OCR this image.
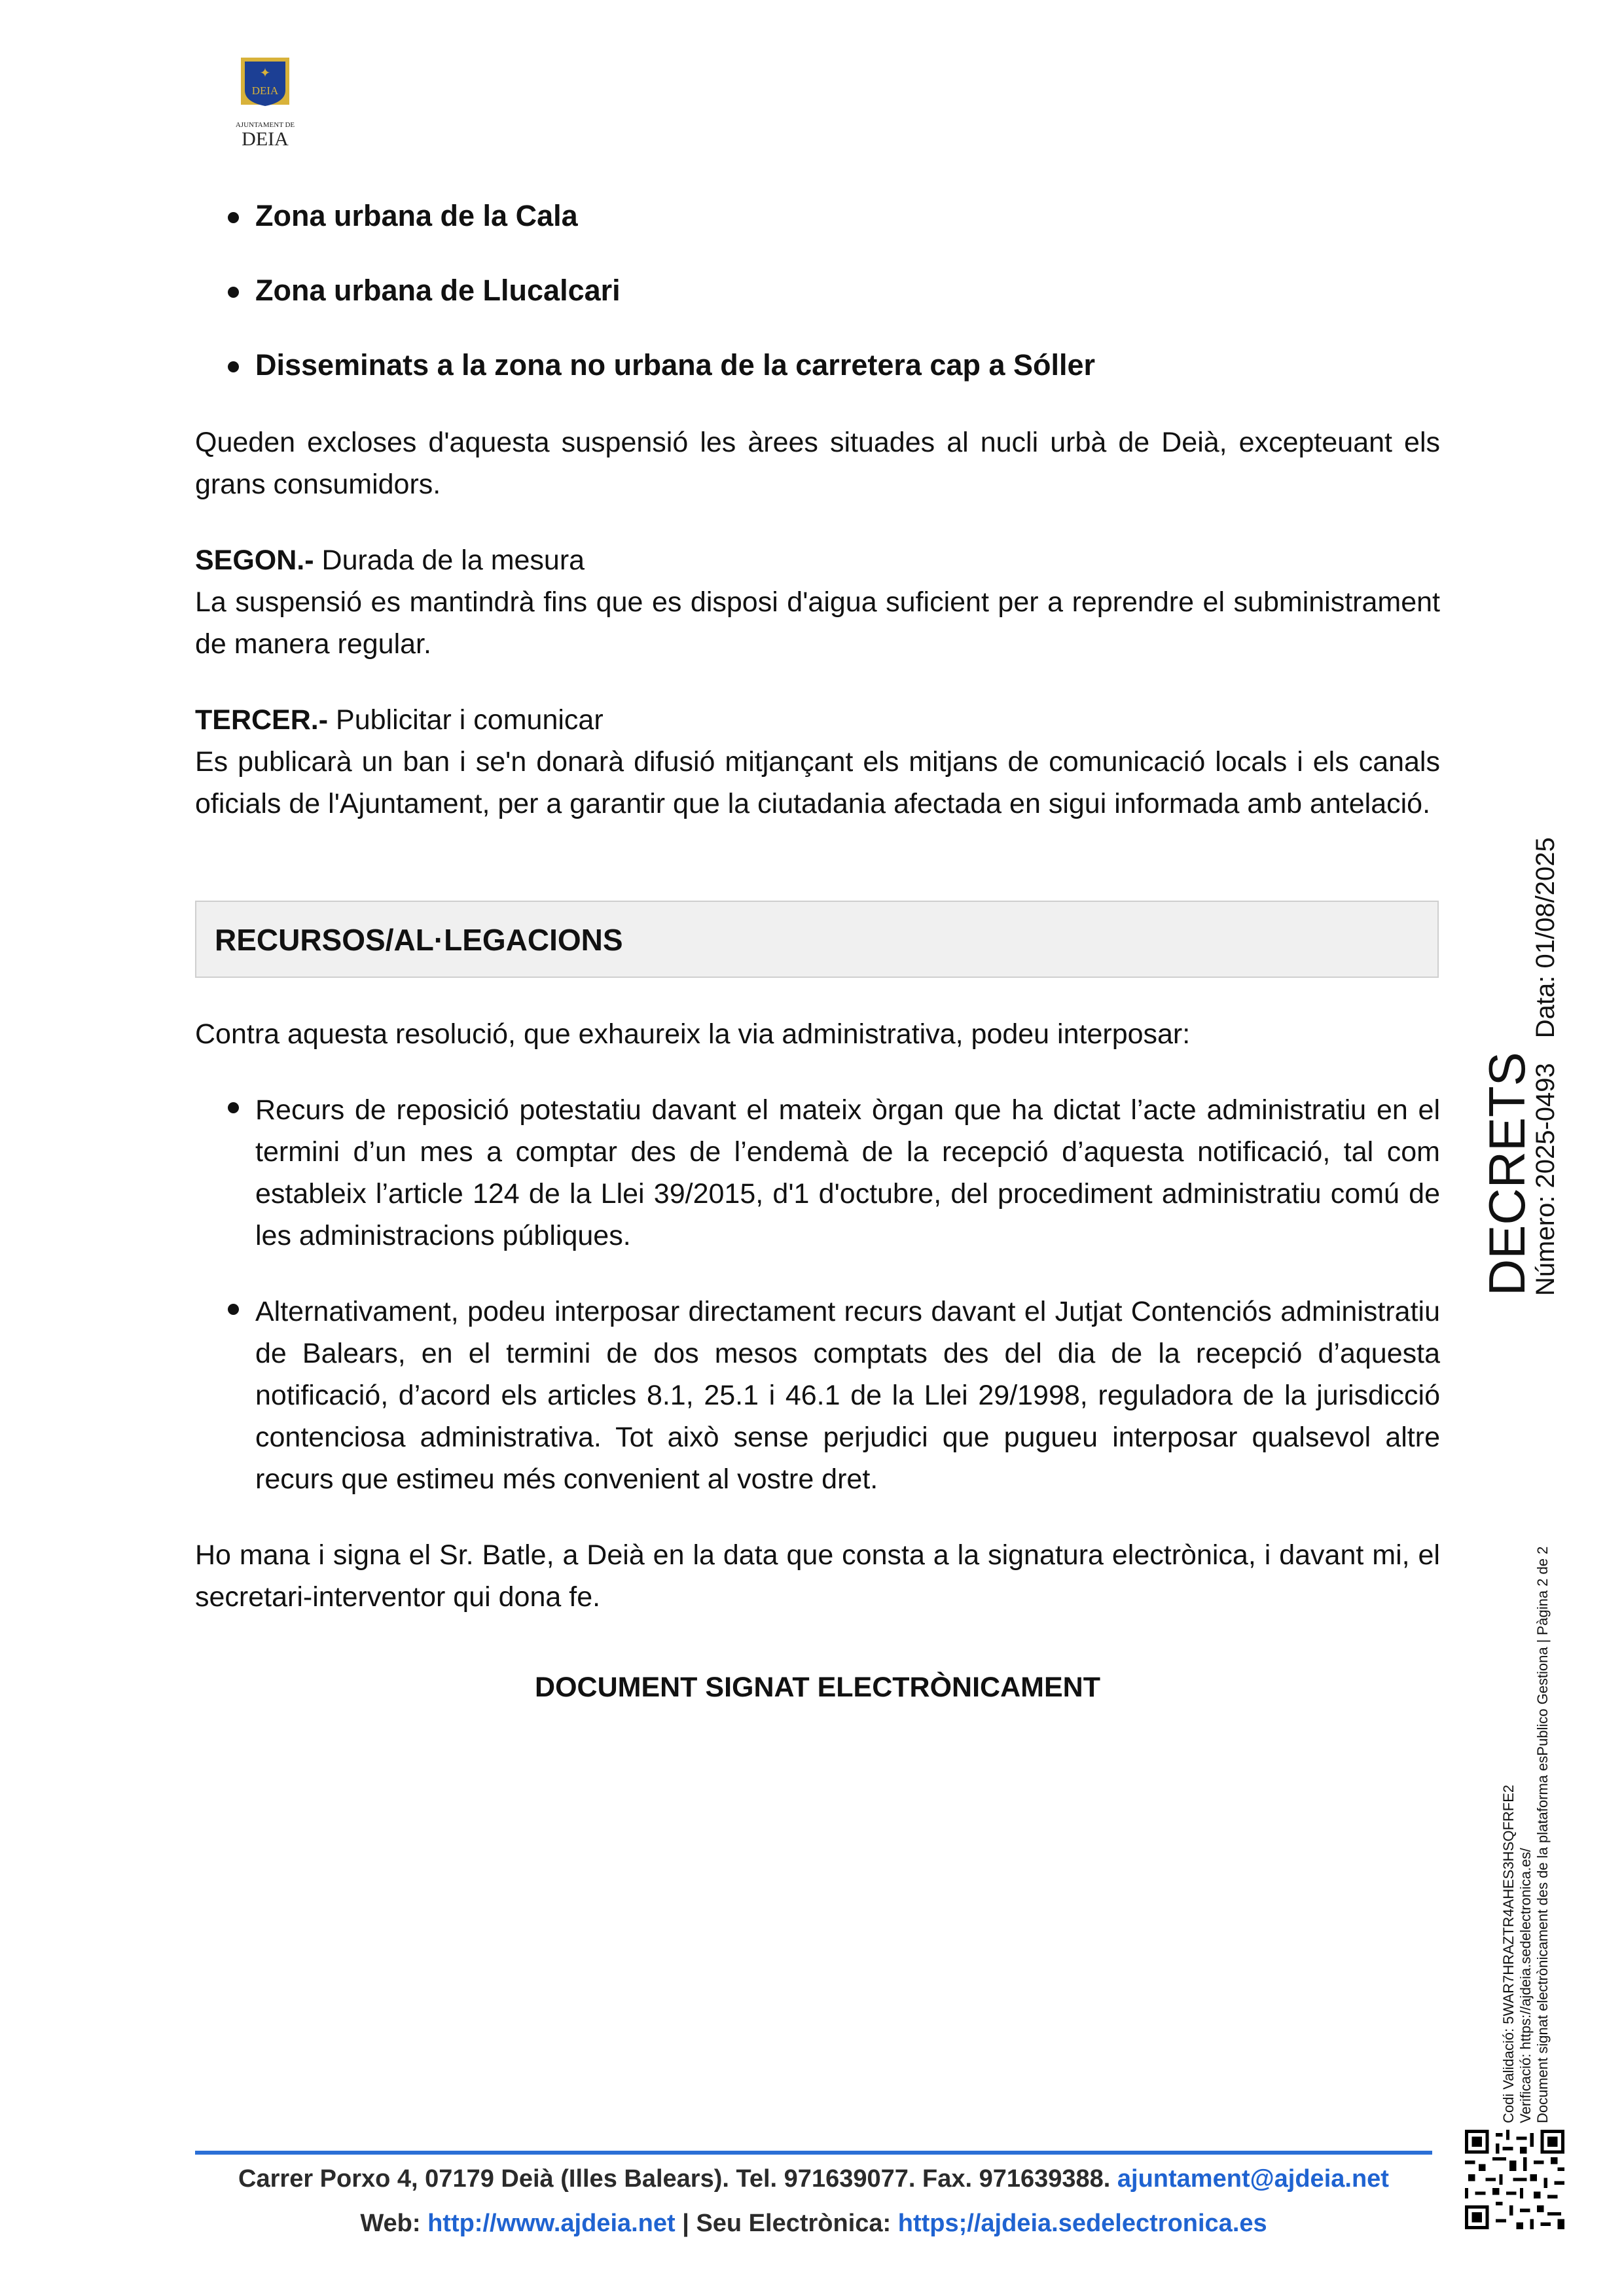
✦
DEIA
AJUNTAMENT DE
DEIA
Zona urbana de la Cala
Zona urbana de Llucalcari
Disseminats a la zona no urbana de la carretera cap a Sóller

Queden excloses d'aquesta suspensió les àrees situades al nucli urbà de Deià, excepteuant els grans consumidors.

SEGON.- Durada de la mesura

La suspensió es mantindrà fins que es disposi d'aigua suficient per a reprendre el subministrament de manera regular.

TERCER.- Publicitar i comunicar

Es publicarà un ban i se'n donarà difusió mitjançant els mitjans de comunicació locals i els canals oficials de l'Ajuntament, per a garantir que la ciutadania afectada en sigui informada amb antelació.

RECURSOS/AL·LEGACIONS

Contra aquesta resolució, que exhaureix la via administrativa, podeu interposar:

Recurs de reposició potestatiu davant el mateix òrgan que ha dictat l’acte administratiu en el termini d’un mes a comptar des de l’endemà de la recepció d’aquesta notificació, tal com estableix l’article 124 de la Llei 39/2015, d'1 d'octubre, del procediment administratiu comú de les administracions públiques.

Alternativament, podeu interposar directament recurs davant el Jutjat Contenciós administratiu de Balears, en el termini de dos mesos comptats des del dia de la recepció d’aquesta notificació, d’acord els articles 8.1, 25.1 i 46.1 de la Llei 29/1998, reguladora de la jurisdicció contenciosa administrativa. Tot això sense perjudici que pugueu interposar qualsevol altre recurs que estimeu més convenient al vostre dret.

Ho mana i signa el Sr. Batle, a Deià en la data que consta a la signatura electrònica, i davant mi, el secretari-interventor qui dona fe.

DOCUMENT SIGNAT ELECTRÒNICAMENT
DECRETS
Número: 2025-0493Data: 01/08/2025
Codi Validació: 5WAR7HRAZTR4AHES3HSQFRFE2 Verificació: https://ajdeia.sedelectronica.es/ Document signat electrònicament des de la plataforma esPublico Gestiona | Pàgina 2 de 2
Carrer Porxo 4, 07179 Deià (Illes Balears). Tel. 971639077. Fax. 971639388. ajuntament@ajdeia.net
Web: http://www.ajdeia.net | Seu Electrònica: https;//ajdeia.sedelectronica.es
